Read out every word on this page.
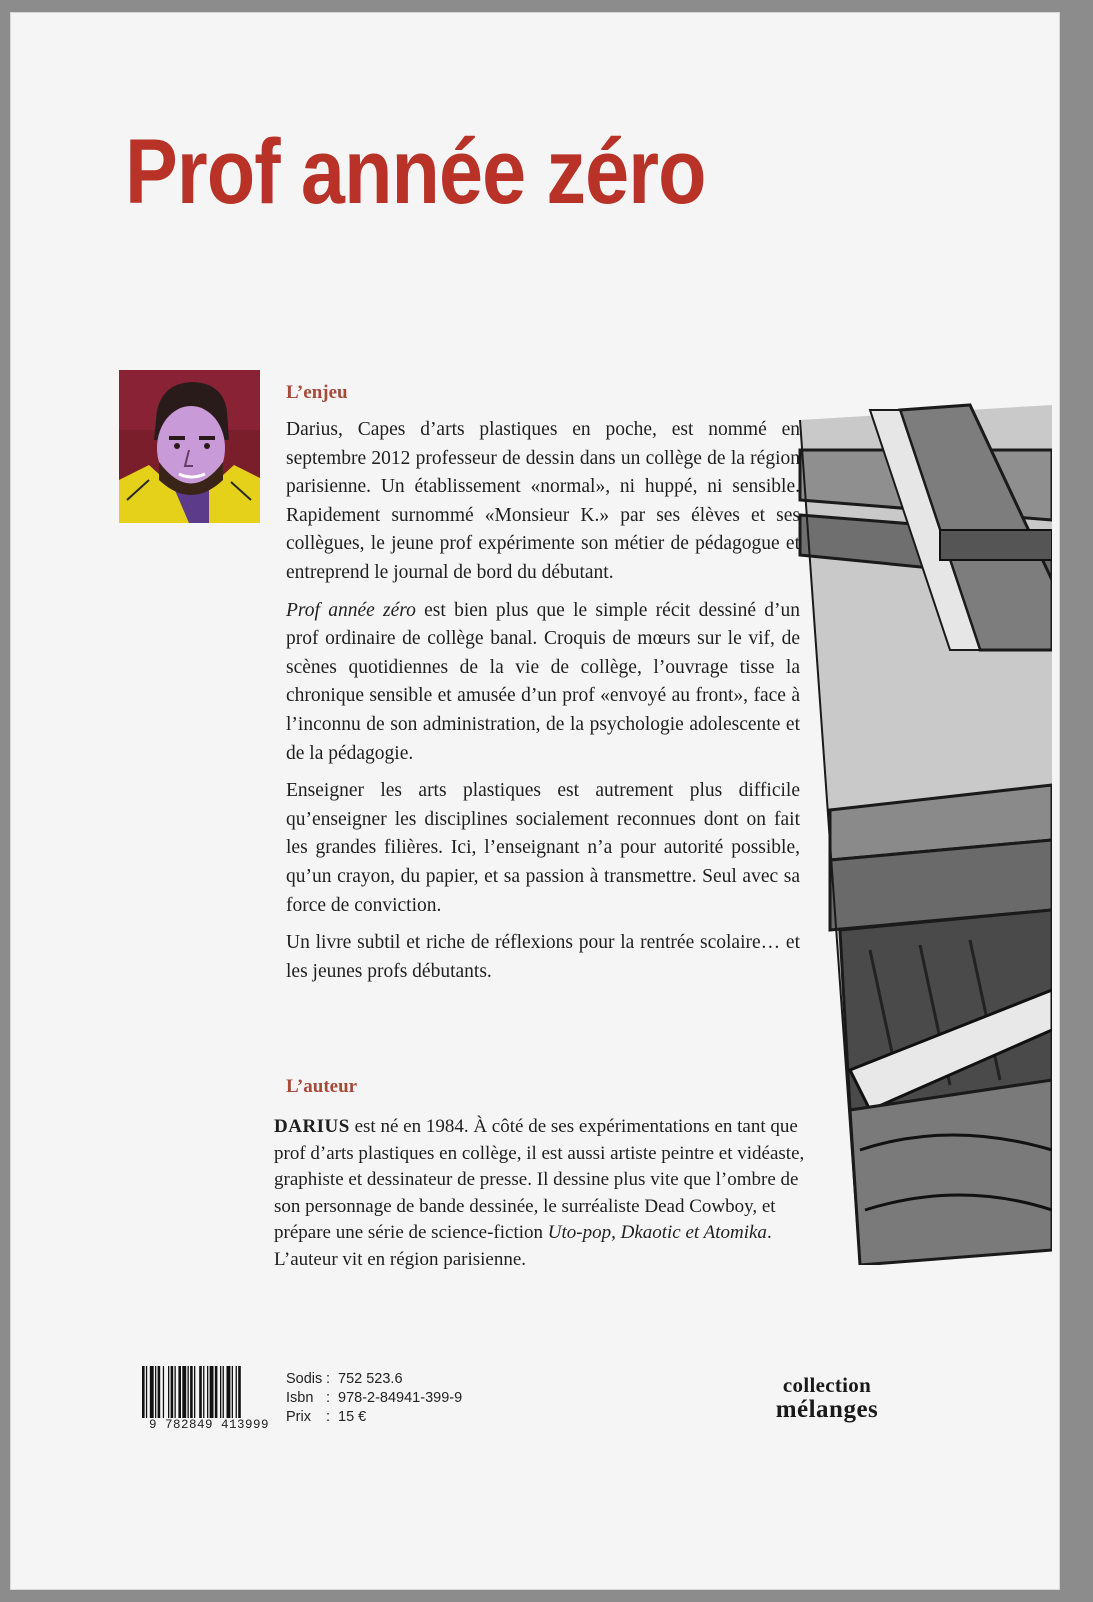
Prof année zéro
L’enjeu

Darius, Capes d’arts plastiques en poche, est nommé en septembre 2012 professeur de dessin dans un collège de la région parisienne. Un établissement «normal», ni huppé, ni sensible. Rapidement surnommé «Monsieur K.» par ses élèves et ses collègues, le jeune prof expérimente son métier de pédagogue et entreprend le journal de bord du débutant.

Prof année zéro est bien plus que le simple récit dessiné d’un prof ordinaire de collège banal. Croquis de mœurs sur le vif, de scènes quotidiennes de la vie de collège, l’ouvrage tisse la chronique sensible et amusée d’un prof «envoyé au front», face à l’inconnu de son administration, de la psychologie adolescente et de la pédagogie.

Enseigner les arts plastiques est autrement plus difficile qu’enseigner les disciplines socialement reconnues dont on fait les grandes filières. Ici, l’enseignant n’a pour autorité possible, qu’un crayon, du papier, et sa passion à transmettre. Seul avec sa force de conviction.

Un livre subtil et riche de réflexions pour la rentrée scolaire… et les jeunes profs débutants.

L’auteur

DARIUS est né en 1984. À côté de ses expérimentations en tant que prof d’arts plastiques en collège, il est aussi artiste peintre et vidéaste, graphiste et dessinateur de presse. Il dessine plus vite que l’ombre de son personnage de bande dessinée, le surréaliste Dead Cowboy, et prépare une série de science-fiction Uto-pop, Dkaotic et Atomika. L’auteur vit en région parisienne.

9 782849 413999
Sodis : 752 523.6
Isbn : 978-2-84941-399-9
Prix	: 15 €
collection
mélanges
